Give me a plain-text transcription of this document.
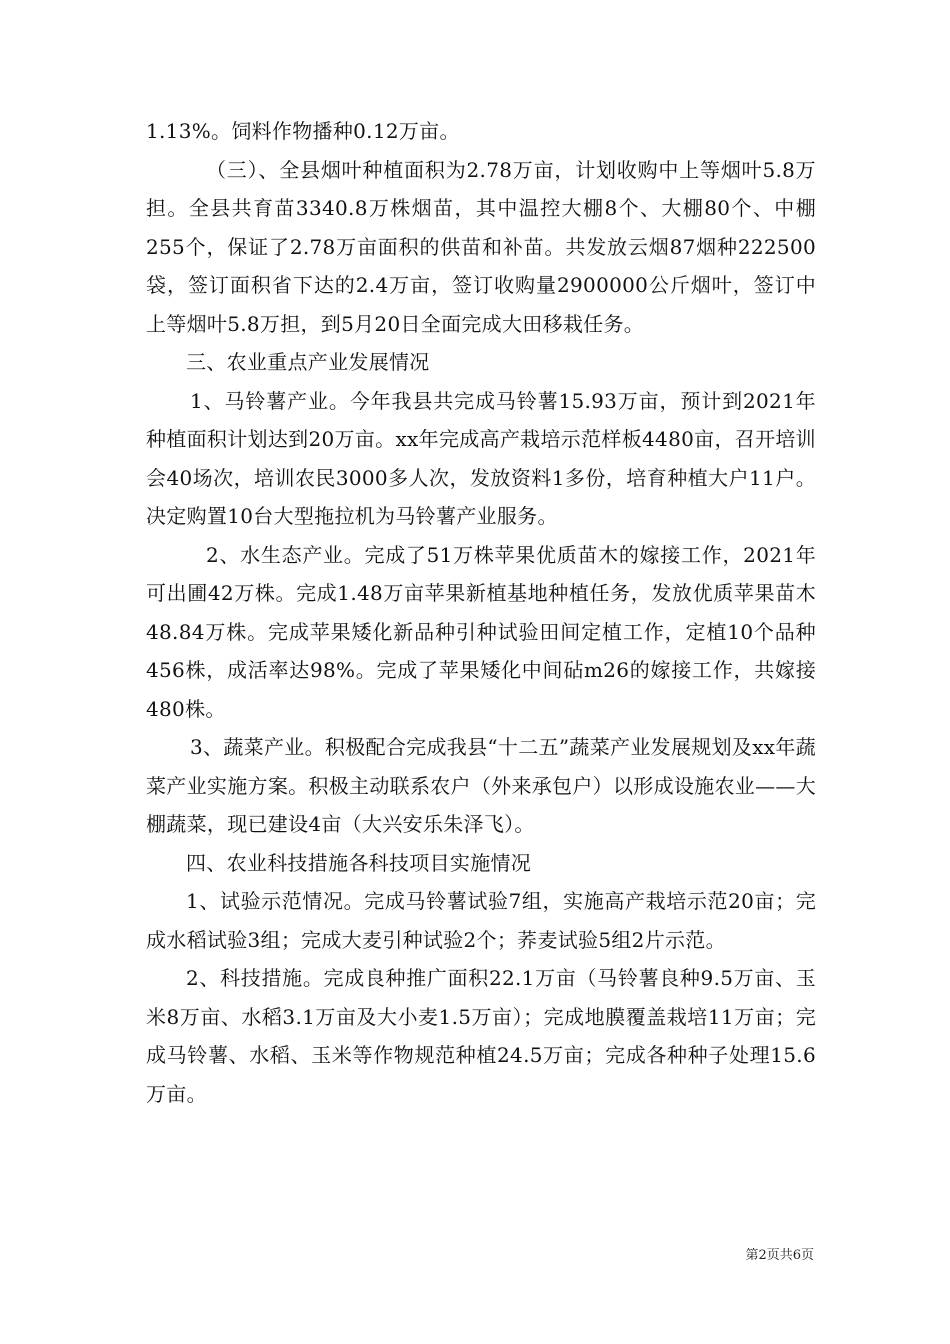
1.13%。饲料作物播种0.12万亩。

（三）、全县烟叶种植面积为2.78万亩，计划收购中上等烟叶5.8万担。全县共育苗3340.8万株烟苗，其中温控大棚8个、大棚80个、中棚255个，保证了2.78万亩面积的供苗和补苗。共发放云烟87烟种222500袋，签订面积省下达的2.4万亩，签订收购量2900000公斤烟叶，签订中上等烟叶5.8万担，到5月20日全面完成大田移栽任务。

三、农业重点产业发展情况

1、马铃薯产业。今年我县共完成马铃薯15.93万亩，预计到2021年种植面积计划达到20万亩。xx年完成高产栽培示范样板4480亩，召开培训会40场次，培训农民3000多人次，发放资料1多份，培育种植大户11户。决定购置10台大型拖拉机为马铃薯产业服务。

2、水生态产业。完成了51万株苹果优质苗木的嫁接工作，2021年可出圃42万株。完成1.48万亩苹果新植基地种植任务，发放优质苹果苗木48.84万株。完成苹果矮化新品种引种试验田间定植工作，定植10个品种456株，成活率达98%。完成了苹果矮化中间砧m26的嫁接工作，共嫁接480株。

3、蔬菜产业。积极配合完成我县“十二五”蔬菜产业发展规划及xx年蔬菜产业实施方案。积极主动联系农户（外来承包户）以形成设施农业——大棚蔬菜，现已建设4亩（大兴安乐朱泽飞）。

四、农业科技措施各科技项目实施情况

1、试验示范情况。完成马铃薯试验7组，实施高产栽培示范20亩；完成水稻试验3组；完成大麦引种试验2个；荞麦试验5组2片示范。

2、科技措施。完成良种推广面积22.1万亩（马铃薯良种9.5万亩、玉米8万亩、水稻3.1万亩及大小麦1.5万亩）；完成地膜覆盖栽培11万亩；完成马铃薯、水稻、玉米等作物规范种植24.5万亩；完成各种种子处理15.6万亩。

第2页共6页
